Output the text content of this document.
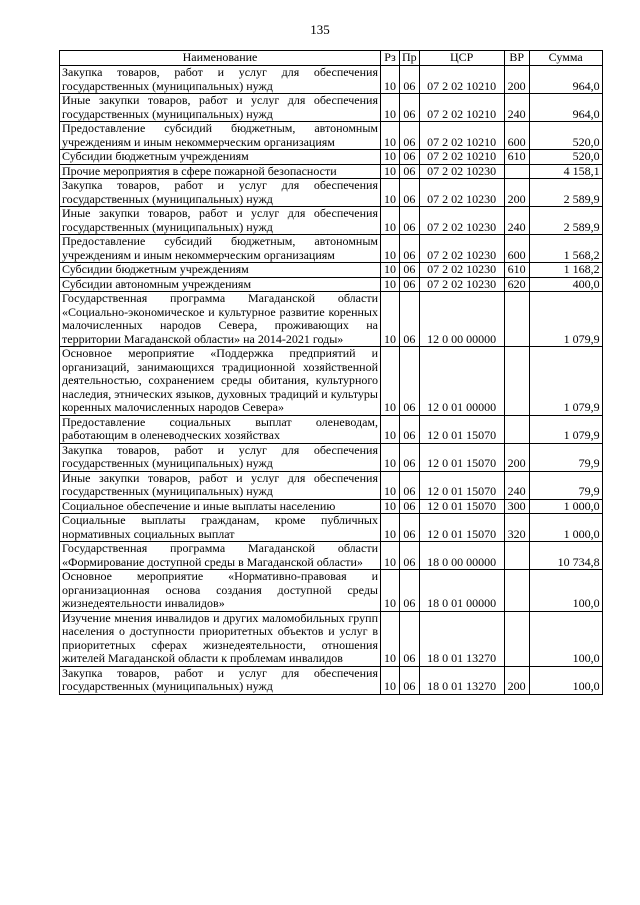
135
Наименование	Рз	Пр	ЦСР	ВР	Сумма
Закупка товаров, работ и услуг для обеспечения государственных (муниципальных) нужд	10	06	07 2 02 10210	200	964,0
Иные закупки товаров, работ и услуг для обеспечения государственных (муниципальных) нужд	10	06	07 2 02 10210	240	964,0
Предоставление субсидий бюджетным, автономным учреждениям и иным некоммерческим организациям	10	06	07 2 02 10210	600	520,0
Субсидии бюджетным учреждениям	10	06	07 2 02 10210	610	520,0
Прочие мероприятия в сфере пожарной безопасности	10	06	07 2 02 10230		4 158,1
Закупка товаров, работ и услуг для обеспечения государственных (муниципальных) нужд	10	06	07 2 02 10230	200	2 589,9
Иные закупки товаров, работ и услуг для обеспечения государственных (муниципальных) нужд	10	06	07 2 02 10230	240	2 589,9
Предоставление субсидий бюджетным, автономным учреждениям и иным некоммерческим организациям	10	06	07 2 02 10230	600	1 568,2
Субсидии бюджетным учреждениям	10	06	07 2 02 10230	610	1 168,2
Субсидии автономным учреждениям	10	06	07 2 02 10230	620	400,0
Государственная программа Магаданской области «Социально-экономическое и культурное развитие коренных малочисленных народов Севера, проживающих на территории Магаданской области» на 2014-2021 годы»	10	06	12 0 00 00000		1 079,9
Основное мероприятие «Поддержка предприятий и организаций, занимающихся традиционной хозяйственной деятельностью, сохранением среды обитания, культурного наследия, этнических языков, духовных традиций и культуры коренных малочисленных народов Севера»	10	06	12 0 01 00000		1 079,9
Предоставление социальных выплат оленеводам, работающим в оленеводческих хозяйствах	10	06	12 0 01 15070		1 079,9
Закупка товаров, работ и услуг для обеспечения государственных (муниципальных) нужд	10	06	12 0 01 15070	200	79,9
Иные закупки товаров, работ и услуг для обеспечения государственных (муниципальных) нужд	10	06	12 0 01 15070	240	79,9
Социальное обеспечение и иные выплаты населению	10	06	12 0 01 15070	300	1 000,0
Социальные выплаты гражданам, кроме публичных нормативных социальных выплат	10	06	12 0 01 15070	320	1 000,0
Государственная программа Магаданской области «Формирование доступной среды в Магаданской области»	10	06	18 0 00 00000		10 734,8
Основное мероприятие «Нормативно-правовая и организационная основа создания доступной среды жизнедеятельности инвалидов»	10	06	18 0 01 00000		100,0
Изучение мнения инвалидов и других маломобильных групп населения о доступности приоритетных объектов и услуг в приоритетных сферах жизнедеятельности, отношения жителей Магаданской области к проблемам инвалидов	10	06	18 0 01 13270		100,0
Закупка товаров, работ и услуг для обеспечения государственных (муниципальных) нужд	10	06	18 0 01 13270	200	100,0
